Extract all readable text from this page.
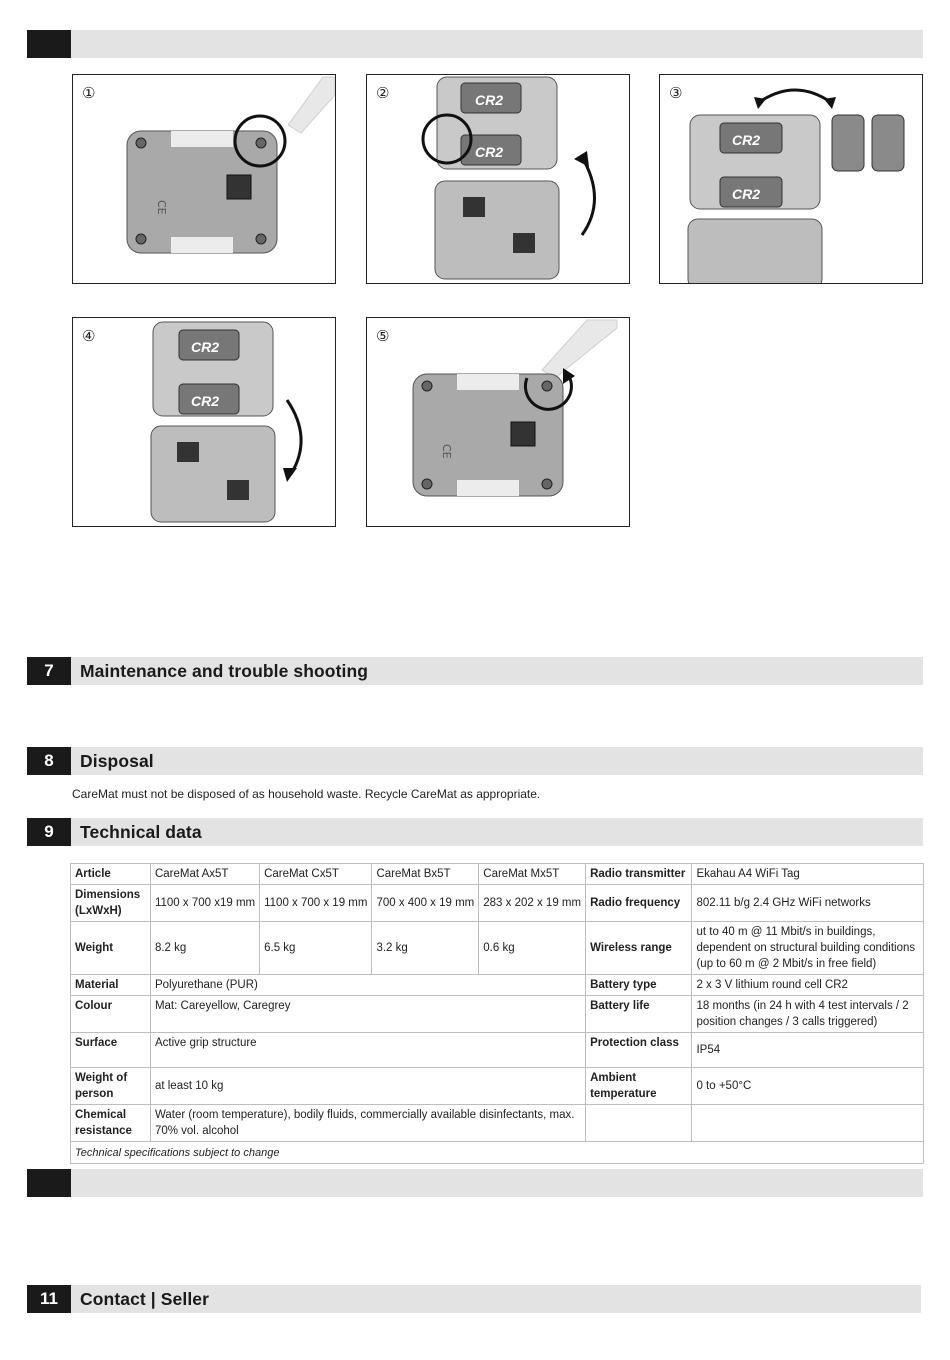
①
CE
②	CR2
CR2
③
CR2
CR2
④
CR2
CR2
⑤
CE
7	Maintenance and trouble shooting
8	Disposal
CareMat must not be disposed of as household waste. Recycle CareMat as appropriate.
9	Technical data
Article	CareMat Ax5T	CareMat Cx5T	CareMat Bx5T	CareMat Mx5T	Radio transmitter	Ekahau A4 WiFi Tag
Dimensions (LxWxH)	1100 x 700 x19 mm	1100 x 700 x 19 mm	700 x 400 x 19 mm	283 x 202 x 19 mm	Radio frequency	802.11 b/g 2.4 GHz WiFi networks
Weight	8.2 kg	6.5 kg	3.2 kg	0.6 kg	Wireless range	ut to 40 m @ 11 Mbit/s in buildings,
dependent on structural building conditions
(up to 60 m @ 2 Mbit/s in free field)

Material	Polyurethane (PUR)				Battery type	2 x 3 V lithium round cell CR2
Colour	Mat: Careyellow, Caregrey				Battery life	18 months (in 24 h with 4 test intervals / 2 position changes / 3 calls triggered)
Surface	Active grip structure				Protection class	IP54
Weight of person	at least 10 kg				Ambient temperature	0 to +50°C
Chemical resistance	Water (room temperature), bodily fluids, commercially available disinfectants, max. 70% vol. alcohol					
Technical specifications subject to change						
11	Contact | Seller
